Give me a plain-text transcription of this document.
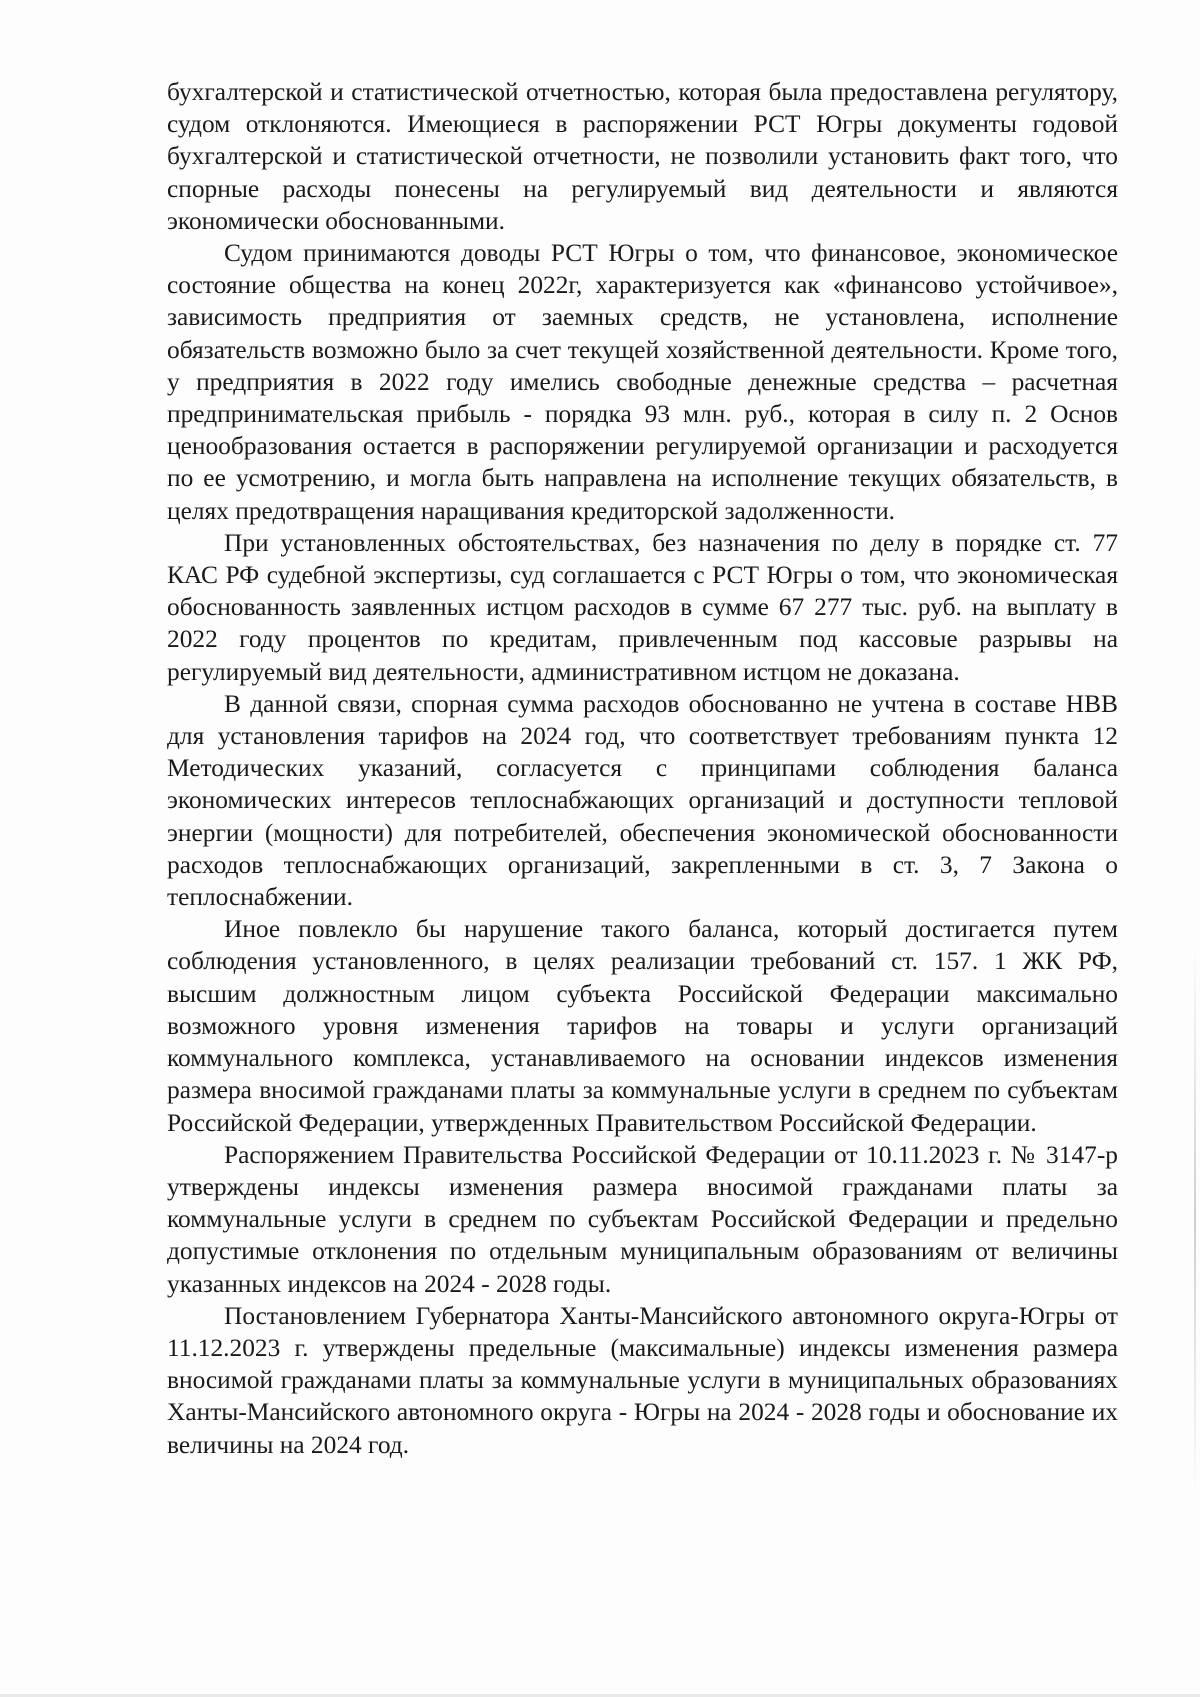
бухгалтерской и статистической отчетностью, которая была предоставлена регулятору, судом отклоняются. Имеющиеся в распоряжении РСТ Югры документы годовой бухгалтерской и статистической отчетности, не позволили установить факт того, что спорные расходы понесены на регулируемый вид деятельности и являются экономически обоснованными.

Судом принимаются доводы РСТ Югры о том, что финансовое, экономическое состояние общества на конец 2022г, характеризуется как «финансово устойчивое», зависимость предприятия от заемных средств, не установлена, исполнение обязательств возможно было за счет текущей хозяйственной деятельности. Кроме того, у предприятия в 2022 году имелись свободные денежные средства – расчетная предпринимательская прибыль - порядка 93 млн. руб., которая в силу п. 2 Основ ценообразования остается в распоряжении регулируемой организации и расходуется по ее усмотрению, и могла быть направлена на исполнение текущих обязательств, в целях предотвращения наращивания кредиторской задолженности.

При установленных обстоятельствах, без назначения по делу в порядке ст. 77 КАС РФ судебной экспертизы, суд соглашается с РСТ Югры о том, что экономическая обоснованность заявленных истцом расходов в сумме 67 277 тыс. руб. на выплату в 2022 году процентов по кредитам, привлеченным под кассовые разрывы на регулируемый вид деятельности, административном истцом не доказана.

В данной связи, спорная сумма расходов обоснованно не учтена в составе НВВ для установления тарифов на 2024 год, что соответствует требованиям пункта 12 Методических указаний, согласуется с принципами соблюдения баланса экономических интересов теплоснабжающих организаций и доступности тепловой энергии (мощности) для потребителей, обеспечения экономической обоснованности расходов теплоснабжающих организаций, закрепленными в ст. 3, 7 Закона о теплоснабжении.

Иное повлекло бы нарушение такого баланса, который достигается путем соблюдения установленного, в целях реализации требований ст. 157. 1 ЖК РФ, высшим должностным лицом субъекта Российской Федерации максимально возможного уровня изменения тарифов на товары и услуги организаций коммунального комплекса, устанавливаемого на основании индексов изменения размера вносимой гражданами платы за коммунальные услуги в среднем по субъектам Российской Федерации, утвержденных Правительством Российской Федерации.

Распоряжением Правительства Российской Федерации от 10.11.2023 г. № 3147-р утверждены индексы изменения размера вносимой гражданами платы за коммунальные услуги в среднем по субъектам Российской Федерации и предельно допустимые отклонения по отдельным муниципальным образованиям от величины указанных индексов на 2024 - 2028 годы.

Постановлением Губернатора Ханты-Мансийского автономного округа-Югры от 11.12.2023 г. утверждены предельные (максимальные) индексы изменения размера вносимой гражданами платы за коммунальные услуги в муниципальных образованиях Ханты-Мансийского автономного округа - Югры на 2024 - 2028 годы и обоснование их величины на 2024 год.
